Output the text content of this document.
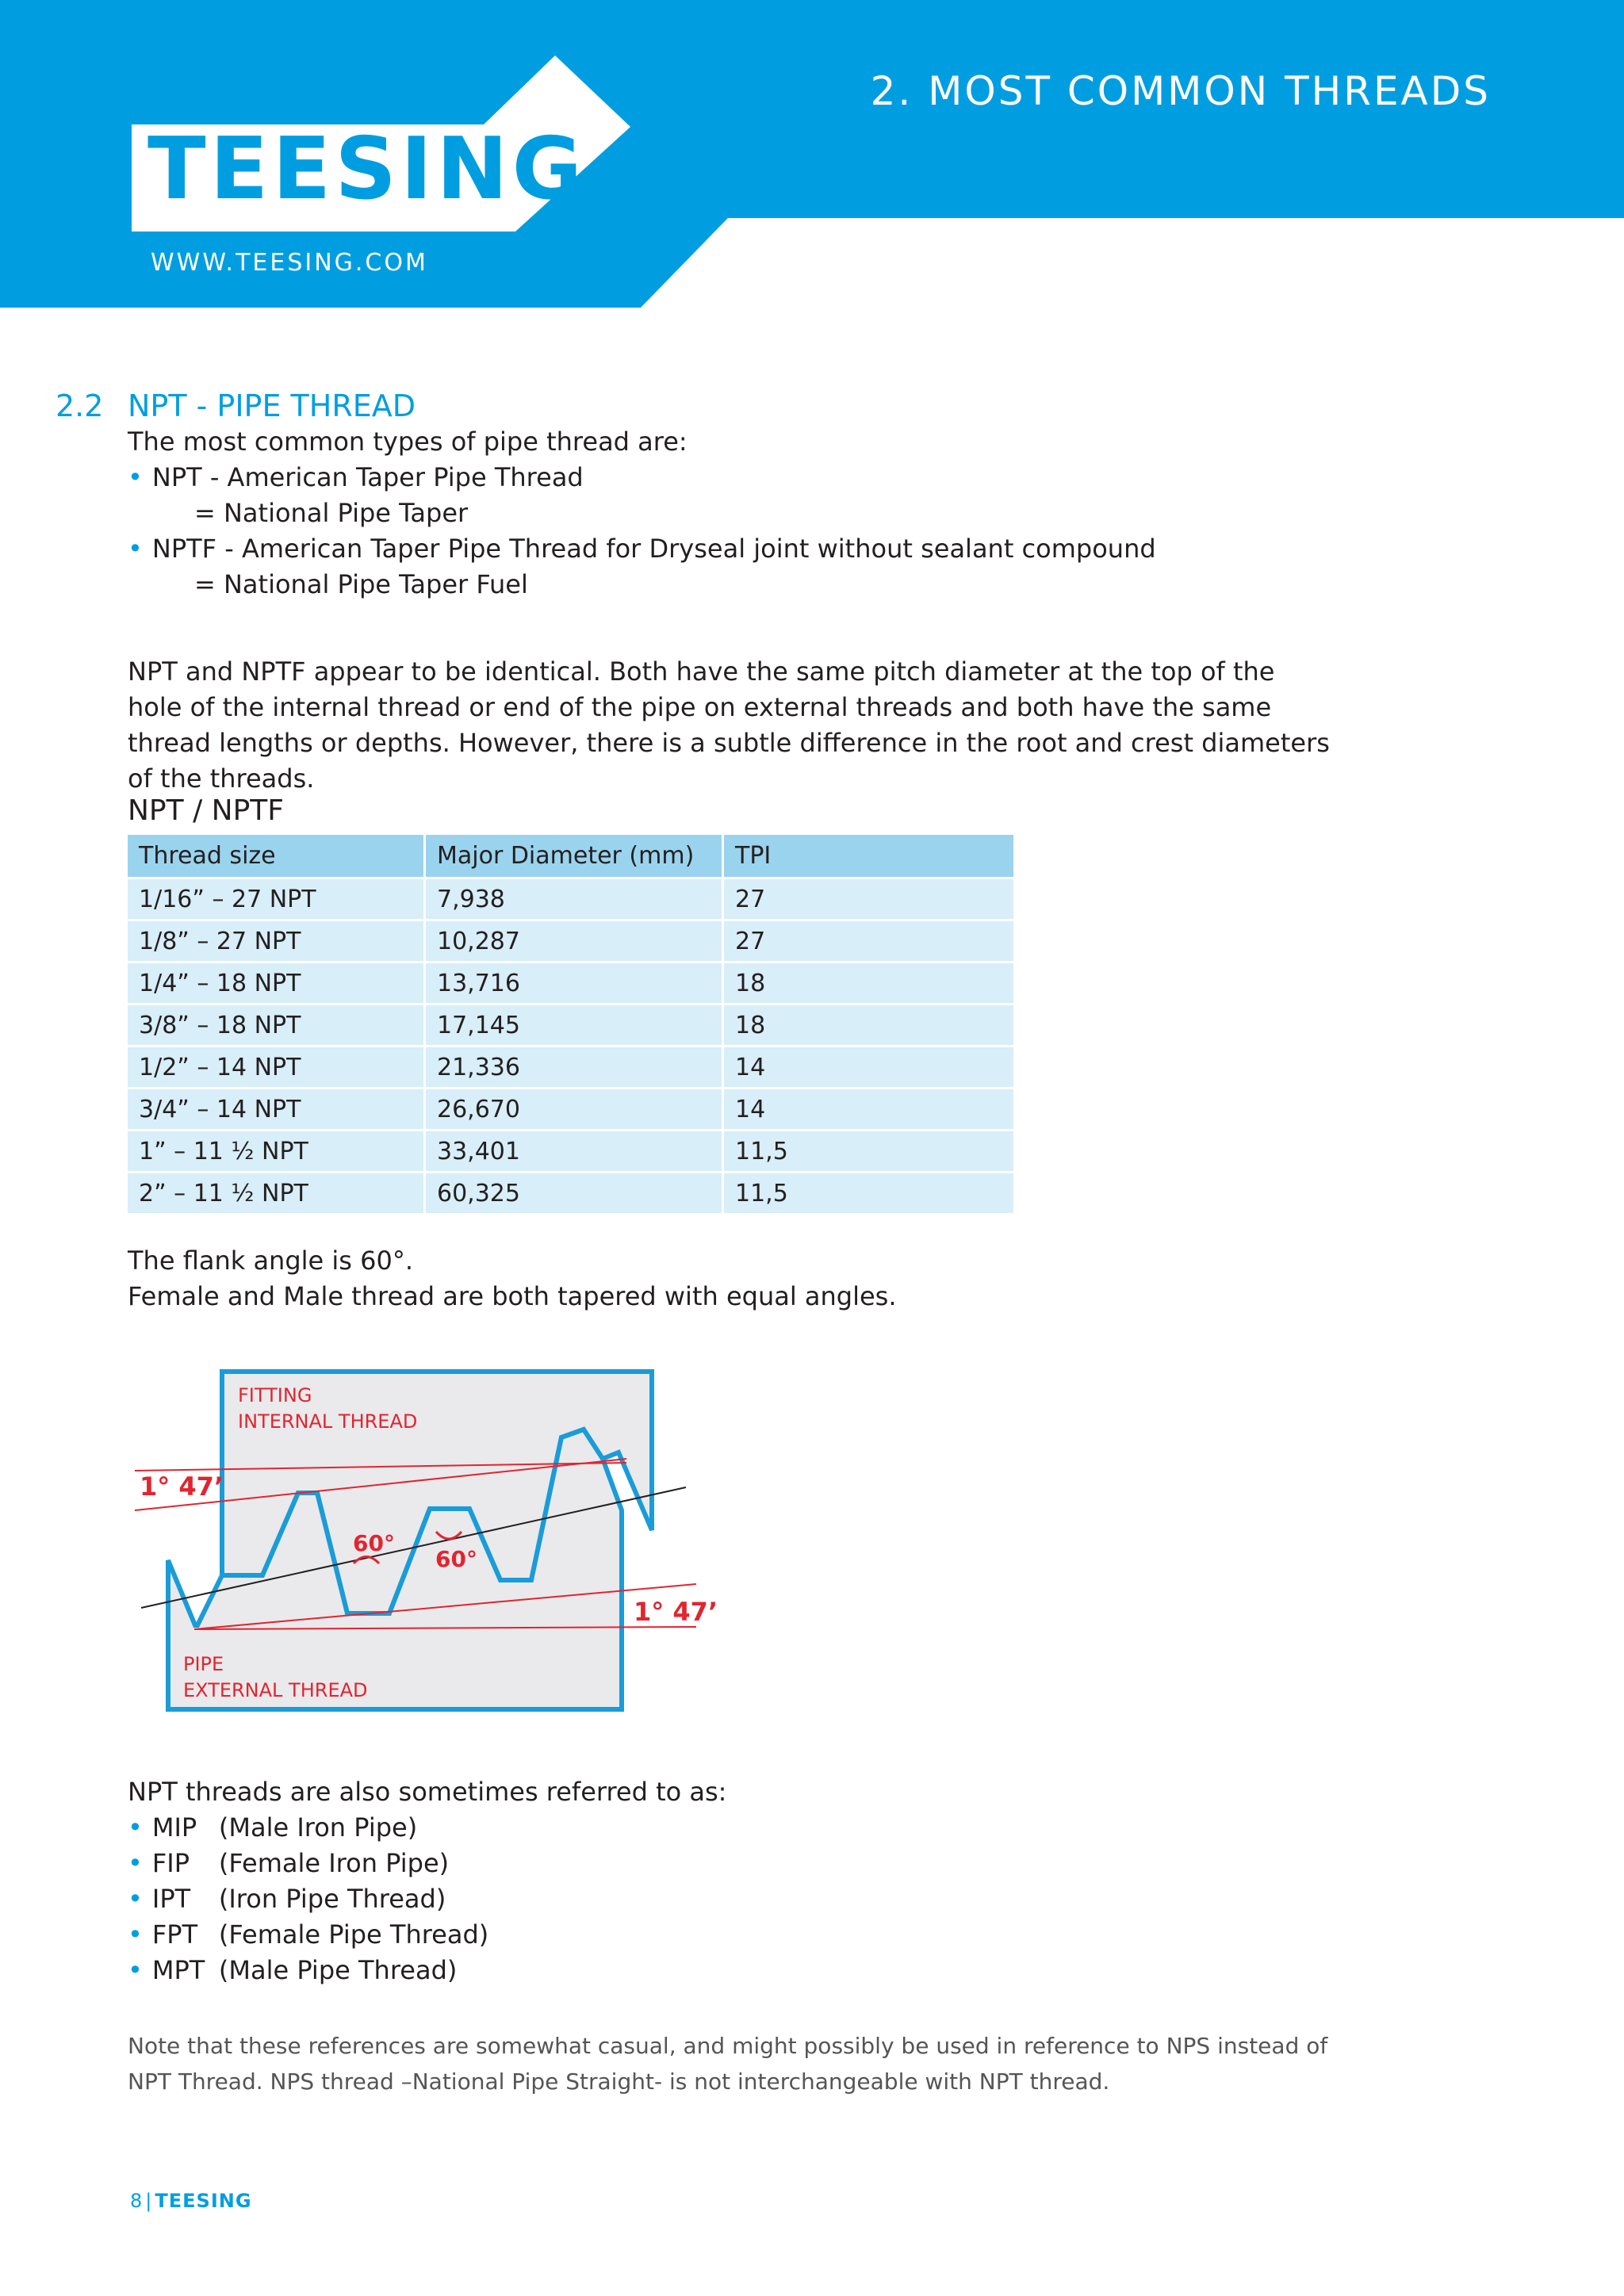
TEESING
WWW.TEESING.COM
2. MOST COMMON THREADS
2.2 NPT - PIPE THREAD
The most common types of pipe thread are:
• NPT - American Taper Pipe Thread
= National Pipe Taper
• NPTF - American Taper Pipe Thread for Dryseal joint without sealant compound
= National Pipe Taper Fuel
NPT and NPTF appear to be identical. Both have the same pitch diameter at the top of the hole of the internal thread or end of the pipe on external threads and both have the same thread lengths or depths. However, there is a subtle difference in the root and crest diameters of the threads.
NPT / NPTF
Thread size	Major Diameter (mm)	TPI
1/16” – 27 NPT	7,938	27
1/8” – 27 NPT	10,287	27
1/4” – 18 NPT	13,716	18
3/8” – 18 NPT	17,145	18
1/2” – 14 NPT	21,336	14
3/4” – 14 NPT	26,670	14
1” – 11 ½ NPT	33,401	11,5
2” – 11 ½ NPT	60,325	11,5
The flank angle is 60°.
Female and Male thread are both tapered with equal angles.
FITTING
INTERNAL THREAD
PIPE
EXTERNAL THREAD
1° 47’
1° 47’
60°
60°
NPT threads are also sometimes referred to as:
• MIP (Male Iron Pipe)
• FIP (Female Iron Pipe)
• IPT (Iron Pipe Thread)
• FPT (Female Pipe Thread)
• MPT (Male Pipe Thread)
Note that these references are somewhat casual, and might possibly be used in reference to NPS instead of NPT Thread. NPS thread –National Pipe Straight- is not interchangeable with NPT thread.
8 | TEESING
